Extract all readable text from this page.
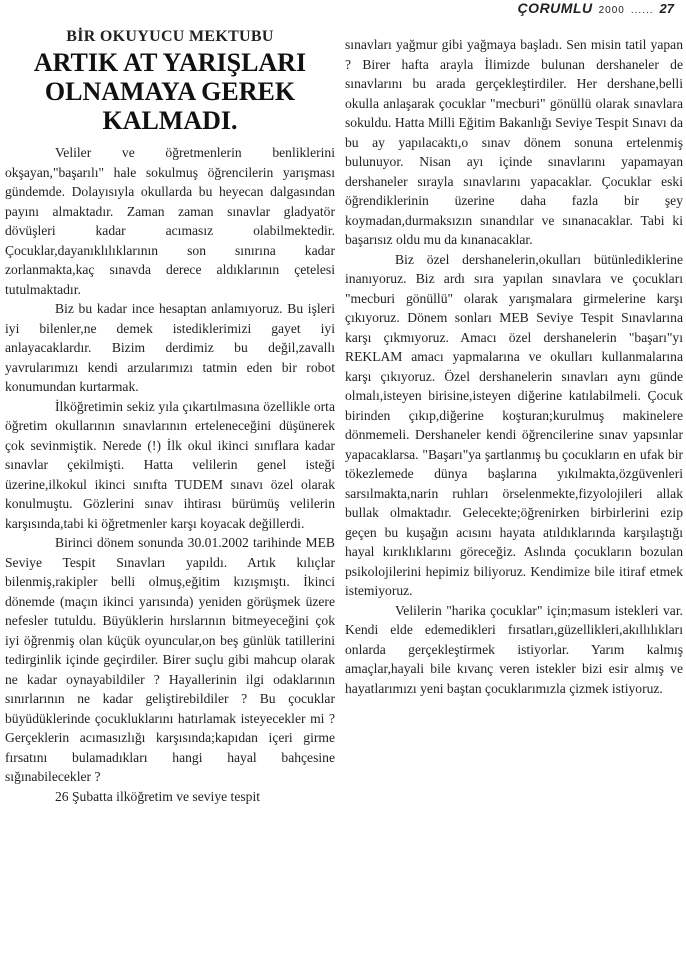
ÇORUMLU 2000 ...... 27
BİR OKUYUCU MEKTUBU
ARTIK AT YARIŞLARI OLNAMAYA GEREK KALMADI.

Veliler ve öğretmenlerin benliklerini okşayan,"başarılı" hale sokulmuş öğrencilerin yarışması gündemde. Dolayısıyla okullarda bu heyecan dalgasından payını almaktadır. Zaman zaman sınavlar gladyatör dövüşleri kadar acımasız olabilmektedir. Çocuklar,dayanıklılıklarının son sınırına kadar zorlanmakta,kaç sınavda derece aldıklarının çetelesi tutulmaktadır.

Biz bu kadar ince hesaptan anlamıyoruz. Bu işleri iyi bilenler,ne demek istediklerimizi gayet iyi anlayacaklardır. Bizim derdimiz bu değil,zavallı yavrularımızı kendi arzularımızı tatmin eden bir robot konumundan kurtarmak.

İlköğretimin sekiz yıla çıkartılmasına özellikle orta öğretim okullarının sınavlarının erteleneceğini düşünerek çok sevinmiştik. Nerede (!) İlk okul ikinci sınıflara kadar sınavlar çekilmişti. Hatta velilerin genel isteği üzerine,ilkokul ikinci sınıfta TUDEM sınavı özel olarak konulmuştu. Gözlerini sınav ihtirası bürümüş velilerin karşısında,tabi ki öğretmenler karşı koyacak değillerdi.

Birinci dönem sonunda 30.01.2002 tarihinde MEB Seviye Tespit Sınavları yapıldı. Artık kılıçlar bilenmiş,rakipler belli olmuş,eğitim kızışmıştı. İkinci dönemde (maçın ikinci yarısında) yeniden görüşmek üzere nefesler tutuldu. Büyüklerin hırslarının bitmeyeceğini çok iyi öğrenmiş olan küçük oyuncular,on beş günlük tatillerini tedirginlik içinde geçirdiler. Birer suçlu gibi mahcup olarak ne kadar oynayabildiler ? Hayallerinin ilgi odaklarının sınırlarının ne kadar geliştirebildiler ? Bu çocuklar büyüdüklerinde çocukluklarını hatırlamak isteyecekler mi ? Gerçeklerin acımasızlığı karşısında;kapıdan içeri girme fırsatını bulamadıkları hangi hayal bahçesine sığınabilecekler ?

26 Şubatta ilköğretim ve seviye tespit

sınavları yağmur gibi yağmaya başladı. Sen misin tatil yapan ? Birer hafta arayla İlimizde bulunan dershaneler de sınavlarını bu arada gerçekleştirdiler. Her dershane,belli okulla anlaşarak çocuklar "mecburi" gönüllü olarak sınavlara sokuldu. Hatta Milli Eğitim Bakanlığı Seviye Tespit Sınavı da bu ay yapılacaktı,o sınav dönem sonuna ertelenmiş bulunuyor. Nisan ayı içinde sınavlarını yapamayan dershaneler sırayla sınavlarını yapacaklar. Çocuklar eski öğrendiklerinin üzerine daha fazla bir şey koymadan,durmaksızın sınandılar ve sınanacaklar. Tabi ki başarısız oldu mu da kınanacaklar.

Biz özel dershanelerin,okulları bütünlediklerine inanıyoruz. Biz ardı sıra yapılan sınavlara ve çocukları "mecburi gönüllü" olarak yarışmalara girmelerine karşı çıkıyoruz. Dönem sonları MEB Seviye Tespit Sınavlarına karşı çıkmıyoruz. Amacı özel dershanelerin "başarı"yı REKLAM amacı yapmalarına ve okulları kullanmalarına karşı çıkıyoruz. Özel dershanelerin sınavları aynı günde olmalı,isteyen birisine,isteyen diğerine katılabilmeli. Çocuk birinden çıkıp,diğerine koşturan;kurulmuş makinelere dönmemeli. Dershaneler kendi öğrencilerine sınav yapsınlar yapacaklarsa. "Başarı"ya şartlanmış bu çocukların en ufak bir tökezlemede dünya başlarına yıkılmakta,özgüvenleri sarsılmakta,narin ruhları örselenmekte,fizyolojileri allak bullak olmaktadır. Gelecekte;öğrenirken birbirlerini ezip geçen bu kuşağın acısını hayata atıldıklarında karşılaştığı hayal kırıklıklarını göreceğiz. Aslında çocukların bozulan psikolojilerini hepimiz biliyoruz. Kendimize bile itiraf etmek istemiyoruz.

Velilerin "harika çocuklar" için;masum istekleri var. Kendi elde edemedikleri fırsatları,güzellikleri,akıllılıkları onlarda gerçekleştirmek istiyorlar. Yarım kalmış amaçlar,hayali bile kıvanç veren istekler bizi esir almış ve hayatlarımızı yeni baştan çocuklarımızla çizmek istiyoruz.
